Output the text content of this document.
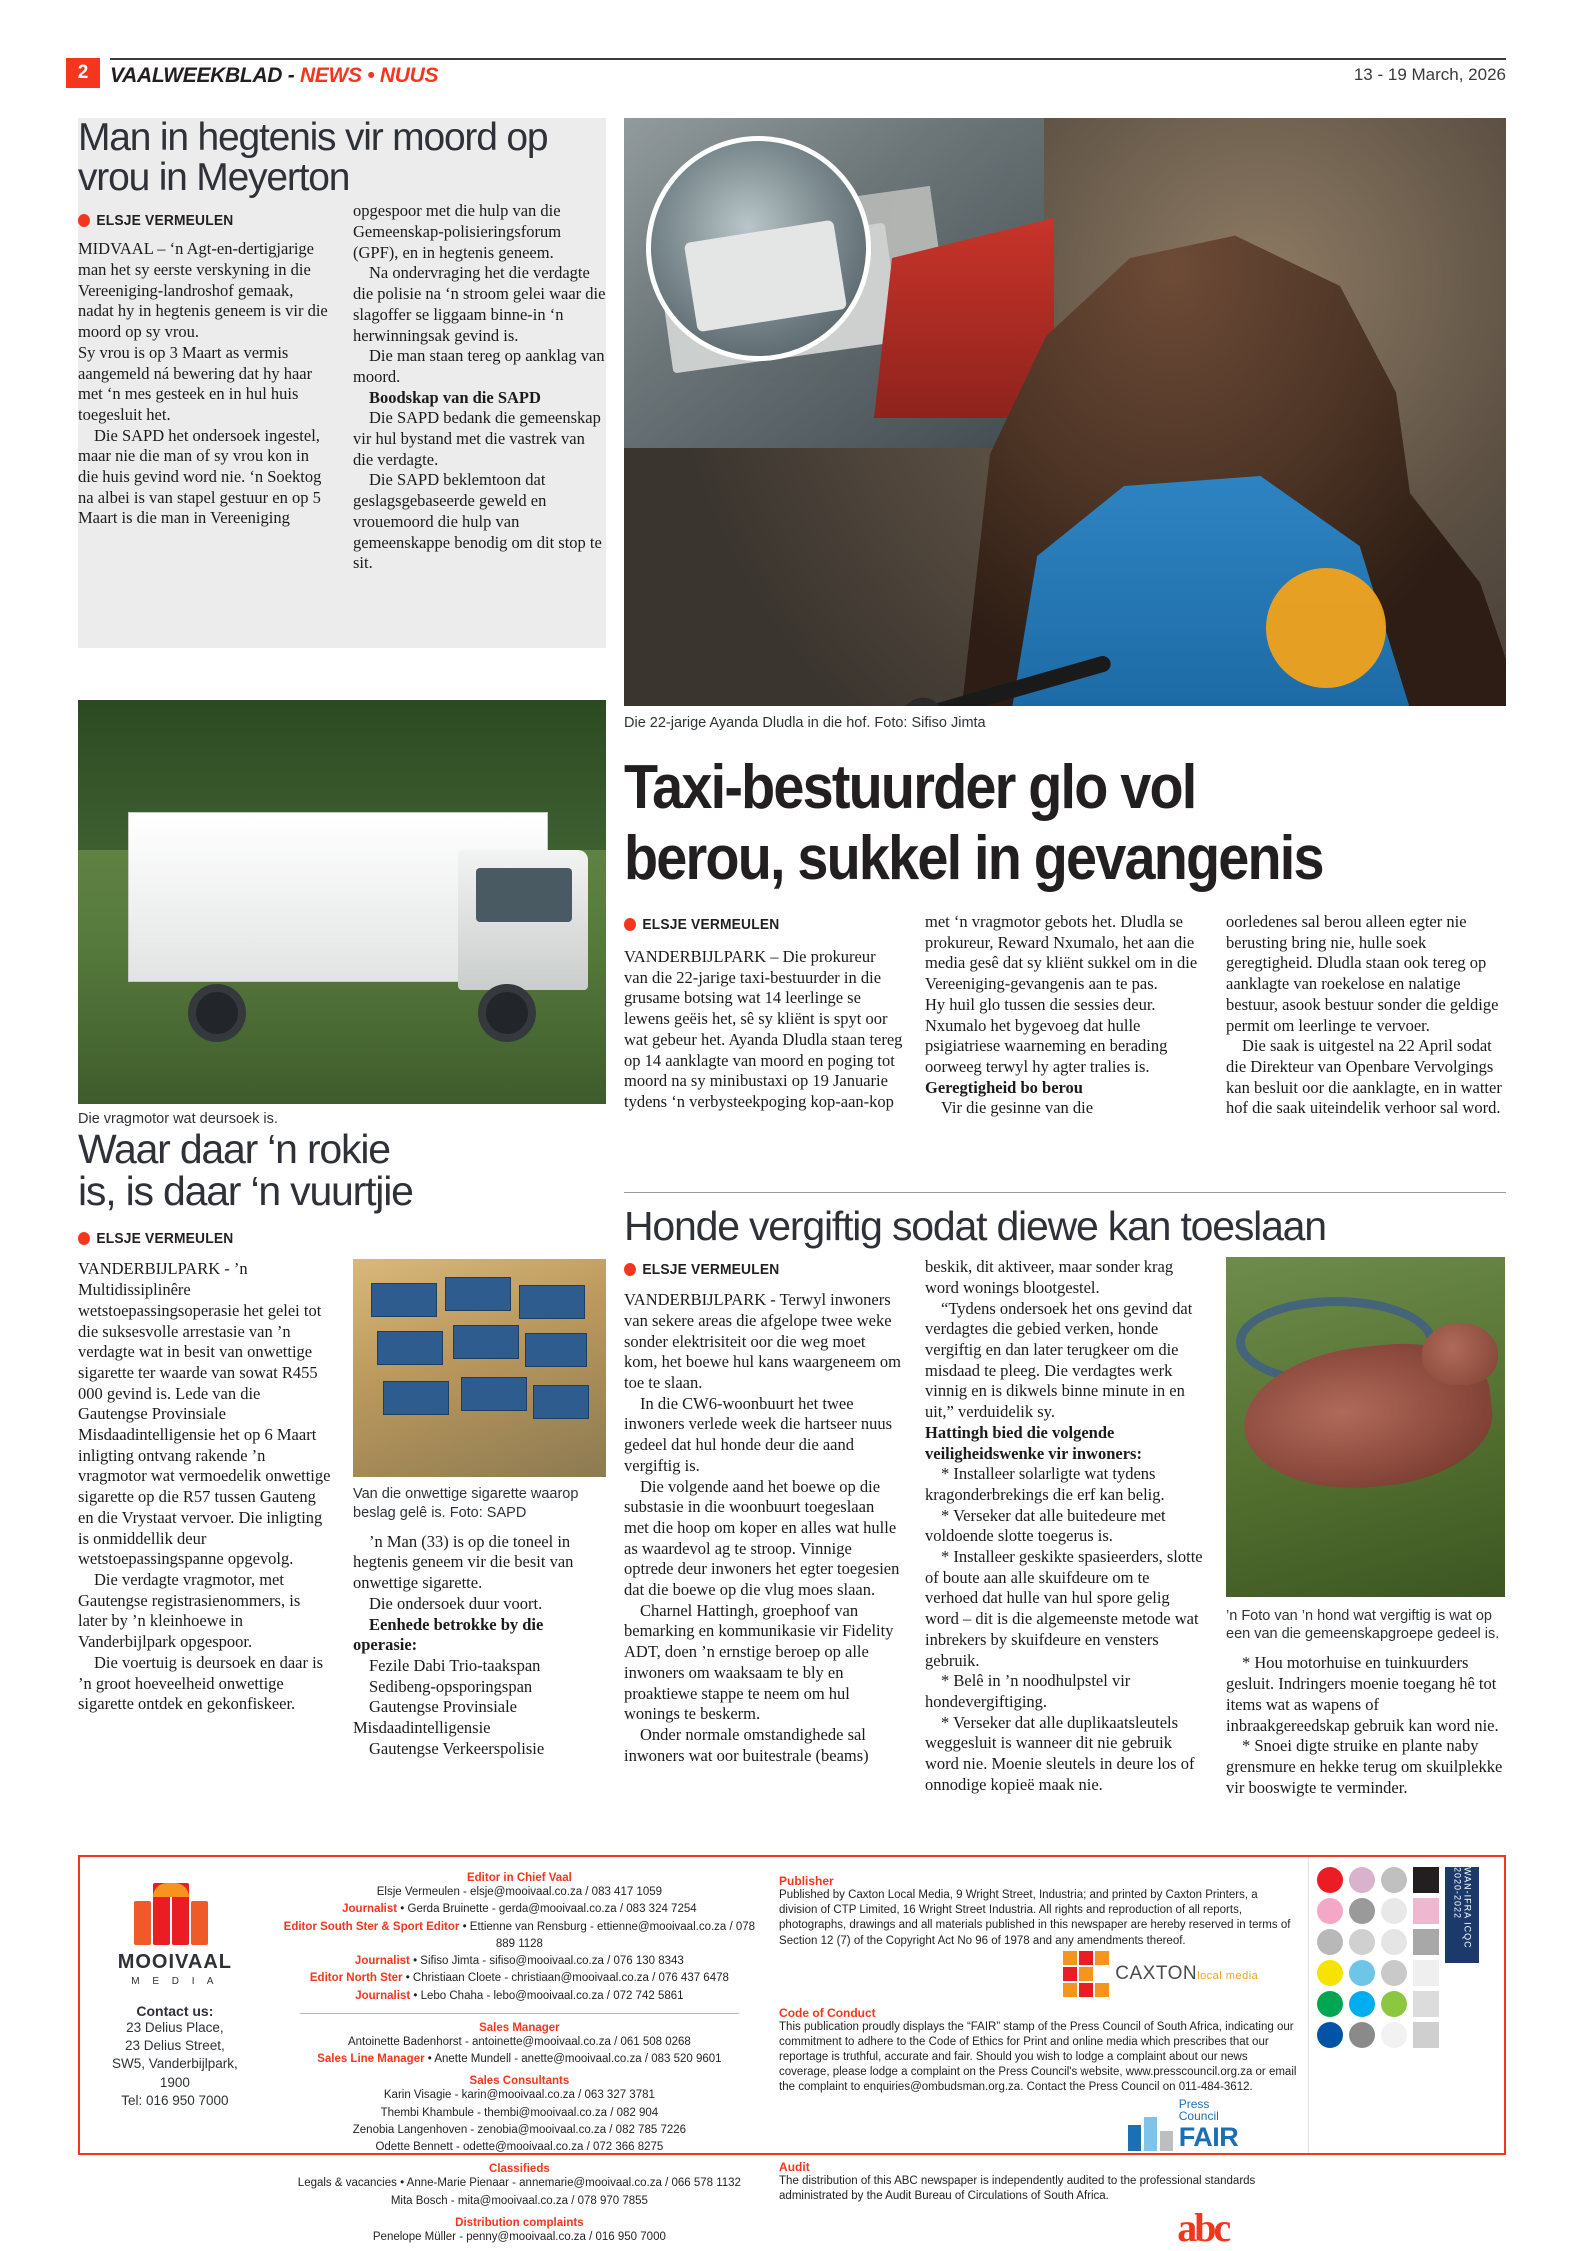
2	VAALWEEKBLAD - NEWS • NUUS	13 - 19 March, 2026
Man in hegtenis vir moord op vrou in Meyerton
ELSJE VERMEULEN

MIDVAAL – ‘n Agt-en-dertigjarige man het sy eerste verskyning in die Vereeniging-landroshof gemaak, nadat hy in hegtenis geneem is vir die moord op sy vrou.

Sy vrou is op 3 Maart as vermis aangemeld ná bewering dat hy haar met ‘n mes gesteek en in hul huis toegesluit het.

Die SAPD het ondersoek ingestel, maar nie die man of sy vrou kon in die huis gevind word nie. ‘n Soektog na albei is van stapel gestuur en op 5 Maart is die man in Vereeniging

opgespoor met die hulp van die Gemeenskap-polisieringsforum (GPF), en in hegtenis geneem.

Na ondervraging het die verdagte die polisie na ‘n stroom gelei waar die slagoffer se liggaam binne-in ‘n herwinningsak gevind is.

Die man staan tereg op aanklag van moord.

Boodskap van die SAPD

Die SAPD bedank die gemeenskap vir hul bystand met die vastrek van die verdagte.

Die SAPD beklemtoon dat geslagsgebaseerde geweld en vrouemoord die hulp van gemeenskappe benodig om dit stop te sit.

Die 22-jarige Ayanda Dludla in die hof. Foto: Sifiso Jimta
Taxi-bestuurder glo vol
berou, sukkel in gevangenis
ELSJE VERMEULEN

VANDERBIJLPARK – Die prokureur van die 22-jarige taxi-bestuurder in die grusame botsing wat 14 leerlinge se lewens geëis het, sê sy kliënt is spyt oor wat gebeur het. Ayanda Dludla staan tereg op 14 aanklagte van moord en poging tot moord na sy minibustaxi op 19 Januarie tydens ‘n verbysteekpoging kop-aan-kop

met ‘n vragmotor gebots het. Dludla se prokureur, Reward Nxumalo, het aan die media gesê dat sy kliënt sukkel om in die Vereeniging-gevangenis aan te pas.

Hy huil glo tussen die sessies deur. Nxumalo het bygevoeg dat hulle psigiatriese waarneming en berading oorweeg terwyl hy agter tralies is.

Geregtigheid bo berou

Vir die gesinne van die

oorledenes sal berou alleen egter nie berusting bring nie, hulle soek geregtigheid. Dludla staan ook tereg op aanklagte van roekelose en nalatige bestuur, asook bestuur sonder die geldige permit om leerlinge te vervoer.

Die saak is uitgestel na 22 April sodat die Direkteur van Openbare Vervolgings kan besluit oor die aanklagte, en in watter hof die saak uiteindelik verhoor sal word.

Die vragmotor wat deursoek is.
Waar daar ‘n rokie
is, is daar ‘n vuurtjie
ELSJE VERMEULEN

VANDERBIJLPARK - ’n Multidissiplinêre wetstoepassingsoperasie het gelei tot die suksesvolle arrestasie van ’n verdagte wat in besit van onwettige sigarette ter waarde van sowat R455 000 gevind is. Lede van die Gautengse Provinsiale Misdaadintelligensie het op 6 Maart inligting ontvang rakende ’n vragmotor wat vermoedelik onwettige sigarette op die R57 tussen Gauteng en die Vrystaat vervoer. Die inligting is onmiddellik deur wetstoepassingspanne opgevolg.

Die verdagte vragmotor, met Gautengse registrasienommers, is later by ’n kleinhoewe in Vanderbijlpark opgespoor.

Die voertuig is deursoek en daar is ’n groot hoeveelheid onwettige sigarette ontdek en gekonfiskeer.

Van die onwettige sigarette waarop beslag gelê is. Foto: SAPD

’n Man (33) is op die toneel in hegtenis geneem vir die besit van onwettige sigarette.

Die ondersoek duur voort.

Eenhede betrokke by die operasie:

Fezile Dabi Trio-taakspan

Sedibeng-opsporingspan

Gautengse Provinsiale Misdaadintelligensie

Gautengse Verkeerspolisie

Honde vergiftig sodat diewe kan toeslaan
ELSJE VERMEULEN

VANDERBIJLPARK - Terwyl inwoners van sekere areas die afgelope twee weke sonder elektrisiteit oor die weg moet kom, het boewe hul kans waargeneem om toe te slaan.

In die CW6-woonbuurt het twee inwoners verlede week die hartseer nuus gedeel dat hul honde deur die aand vergiftig is.

Die volgende aand het boewe op die substasie in die woonbuurt toegeslaan met die hoop om koper en alles wat hulle as waardevol ag te stroop. Vinnige optrede deur inwoners het egter toegesien dat die boewe op die vlug moes slaan.

Charnel Hattingh, groephoof van bemarking en kommunikasie vir Fidelity ADT, doen ’n ernstige beroep op alle inwoners om waaksaam te bly en proaktiewe stappe te neem om hul wonings te beskerm.

Onder normale omstandighede sal inwoners wat oor buitestrale (beams)

beskik, dit aktiveer, maar sonder krag word wonings blootgestel.

“Tydens ondersoek het ons gevind dat verdagtes die gebied verken, honde vergiftig en dan later terugkeer om die misdaad te pleeg. Die verdagtes werk vinnig en is dikwels binne minute in en uit,” verduidelik sy.

Hattingh bied die volgende veiligheidswenke vir inwoners:

* Installeer solarligte wat tydens kragonderbrekings die erf kan belig.

* Verseker dat alle buitedeure met voldoende slotte toegerus is.

* Installeer geskikte spasieerders, slotte of boute aan alle skuifdeure om te verhoed dat hulle van hul spore gelig word – dit is die algemeenste metode wat inbrekers by skuifdeure en vensters gebruik.

* Belê in ’n noodhulpstel vir hondevergiftiging.

* Verseker dat alle duplikaatsleutels weggesluit is wanneer dit nie gebruik word nie. Moenie sleutels in deure los of onnodige kopieë maak nie.

’n Foto van ’n hond wat vergiftig is wat op een van die gemeenskapgroepe gedeel is.

* Hou motorhuise en tuinkuurders gesluit. Indringers moenie toegang hê tot items wat as wapens of inbraakgereedskap gebruik kan word nie.

* Snoei digte struike en plante naby grensmure en hekke terug om skuilplekke vir booswigte te verminder.

MOOIVAAL
M E D I A
Contact us:
23 Delius Place,
23 Delius Street,
SW5, Vanderbijlpark,
1900
Tel: 016 950 7000
Editor in Chief Vaal
Elsje Vermeulen - elsje@mooivaal.co.za / 083 417 1059
Journalist • Gerda Bruinette - gerda@mooivaal.co.za / 083 324 7254
Editor South Ster & Sport Editor • Ettienne van Rensburg - ettienne@mooivaal.co.za / 078 889 1128
Journalist • Sifiso Jimta - sifiso@mooivaal.co.za / 076 130 8343
Editor North Ster • Christiaan Cloete - christiaan@mooivaal.co.za / 076 437 6478
Journalist • Lebo Chaha - lebo@mooivaal.co.za / 072 742 5861
Sales Manager
Antoinette Badenhorst - antoinette@mooivaal.co.za / 061 508 0268
Sales Line Manager • Anette Mundell - anette@mooivaal.co.za / 083 520 9601
Sales Consultants
Karin Visagie - karin@mooivaal.co.za / 063 327 3781
Thembi Khambule - thembi@mooivaal.co.za / 082 904
Zenobia Langenhoven - zenobia@mooivaal.co.za / 082 785 7226
Odette Bennett - odette@mooivaal.co.za / 072 366 8275
Classifieds
Legals & vacancies • Anne-Marie Pienaar - annemarie@mooivaal.co.za / 066 578 1132
Mita Bosch - mita@mooivaal.co.za / 078 970 7855
Distribution complaints
Penelope Müller - penny@mooivaal.co.za / 016 950 7000
Publisher
Published by Caxton Local Media, 9 Wright Street, Industria; and printed by Caxton Printers, a division of CTP Limited, 16 Wright Street Industria. All rights and reproduction of all reports, photographs, drawings and all materials published in this newspaper are hereby reserved in terms of Section 12 (7) of the Copyright Act No 96 of 1978 and any amendments thereof.
CAXTONlocal media
Code of Conduct
This publication proudly displays the “FAIR” stamp of the Press Council of South Africa, indicating our commitment to adhere to the Code of Ethics for Print and online media which prescribes that our reportage is truthful, accurate and fair. Should you wish to lodge a complaint about our news coverage, please lodge a complaint on the Press Council's website, www.presscouncil.org.za or email the complaint to enquiries@ombudsman.org.za. Contact the Press Council on 011-484-3612.
Press
Council
FAIR
Audit
The distribution of this ABC newspaper is independently audited to the professional standards administrated by the Audit Bureau of Circulations of South Africa.
abc
WAN-IFRA ICQC 2020-2022
